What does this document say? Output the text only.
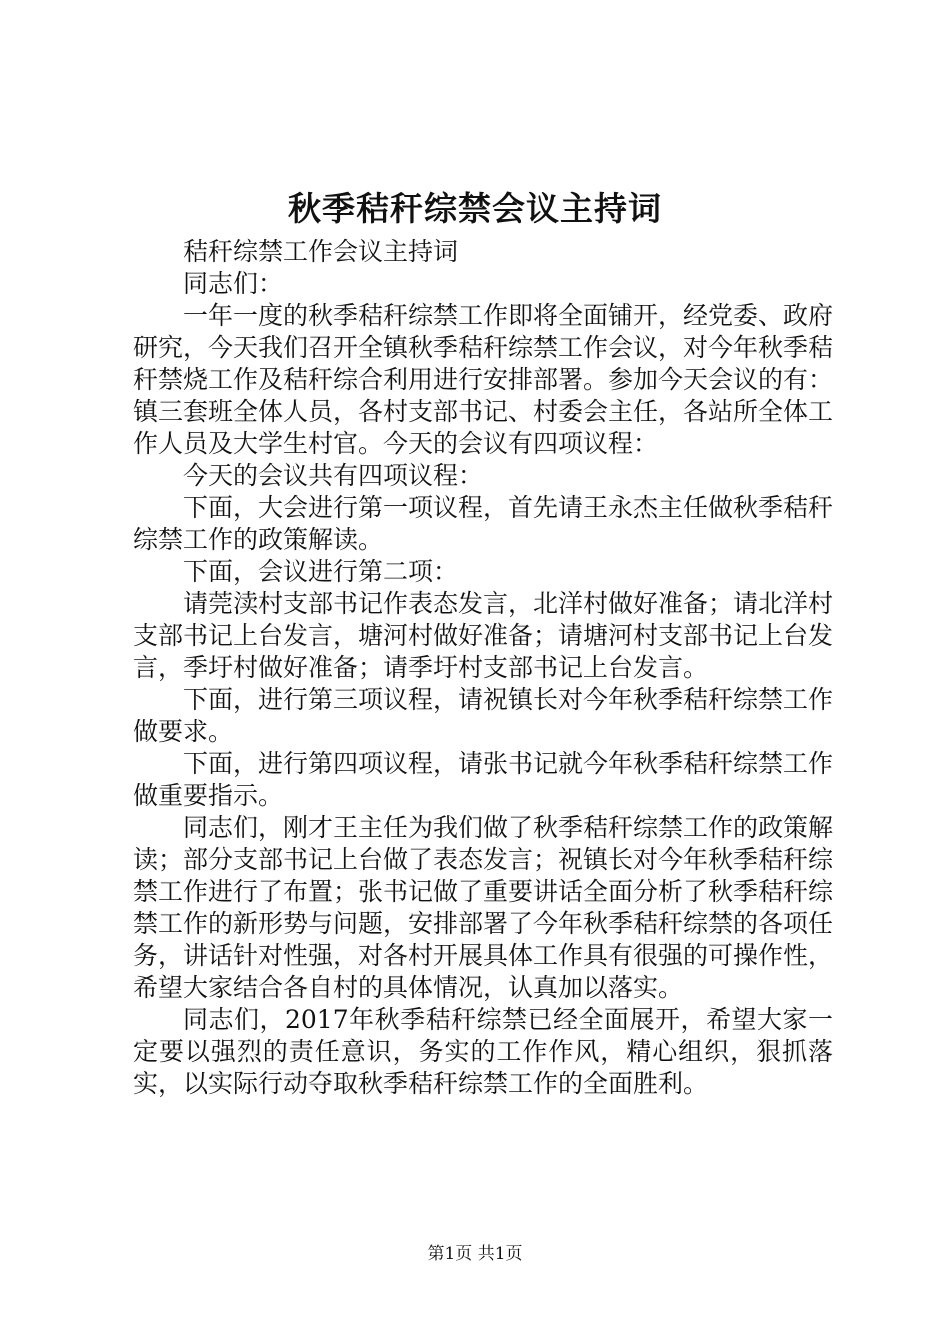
秋季秸秆综禁会议主持词

秸秆综禁工作会议主持词

同志们：

一年一度的秋季秸秆综禁工作即将全面铺开，经党委、政府研究，今天我们召开全镇秋季秸秆综禁工作会议，对今年秋季秸秆禁烧工作及秸秆综合利用进行安排部署。参加今天会议的有：镇三套班全体人员，各村支部书记、村委会主任，各站所全体工作人员及大学生村官。今天的会议有四项议程：

今天的会议共有四项议程：

下面，大会进行第一项议程，首先请王永杰主任做秋季秸秆综禁工作的政策解读。

下面，会议进行第二项：

请莞渎村支部书记作表态发言，北洋村做好准备；请北洋村支部书记上台发言，塘河村做好准备；请塘河村支部书记上台发言，季圩村做好准备；请季圩村支部书记上台发言。

下面，进行第三项议程，请祝镇长对今年秋季秸秆综禁工作做要求。

下面，进行第四项议程，请张书记就今年秋季秸秆综禁工作做重要指示。

同志们，刚才王主任为我们做了秋季秸秆综禁工作的政策解读；部分支部书记上台做了表态发言；祝镇长对今年秋季秸秆综禁工作进行了布置；张书记做了重要讲话全面分析了秋季秸秆综禁工作的新形势与问题，安排部署了今年秋季秸秆综禁的各项任务，讲话针对性强，对各村开展具体工作具有很强的可操作性，希望大家结合各自村的具体情况，认真加以落实。

同志们，2017年秋季秸秆综禁已经全面展开，希望大家一定要以强烈的责任意识，务实的工作作风，精心组织，狠抓落实，以实际行动夺取秋季秸秆综禁工作的全面胜利。

第1页 共1页
